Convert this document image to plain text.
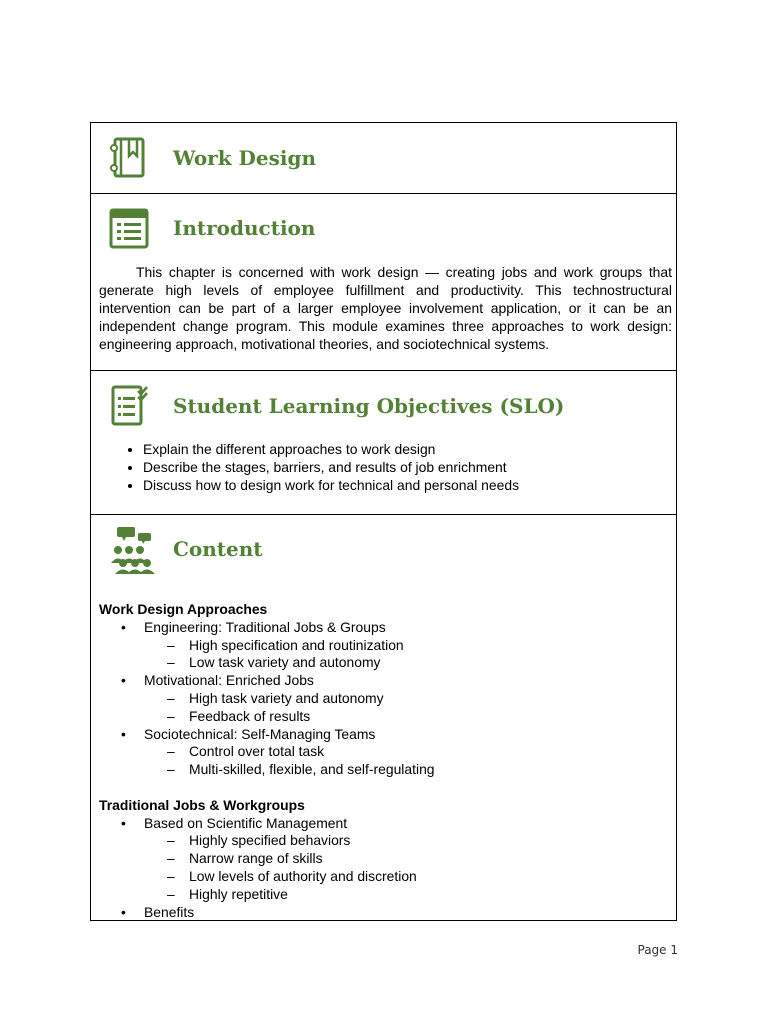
Work Design
Introduction

This chapter is concerned with work design — creating jobs and work groups that generate high levels of employee fulfillment and productivity. This technostructural intervention can be part of a larger employee involvement application, or it can be an independent change program. This module examines three approaches to work design: engineering approach, motivational theories, and sociotechnical systems.

Student Learning Objectives (SLO)
• Explain the different approaches to work design
• Describe the stages, barriers, and results of job enrichment
• Discuss how to design work for technical and personal needs
Content

Work Design Approaches

• Engineering: Traditional Jobs & Groups

– High specification and routinization

– Low task variety and autonomy

• Motivational: Enriched Jobs

– High task variety and autonomy

– Feedback of results

• Sociotechnical: Self-Managing Teams

– Control over total task

– Multi-skilled, flexible, and self-regulating

Traditional Jobs & Workgroups

• Based on Scientific Management

– Highly specified behaviors

– Narrow range of skills

– Low levels of authority and discretion

– Highly repetitive

• Benefits

Page 1
